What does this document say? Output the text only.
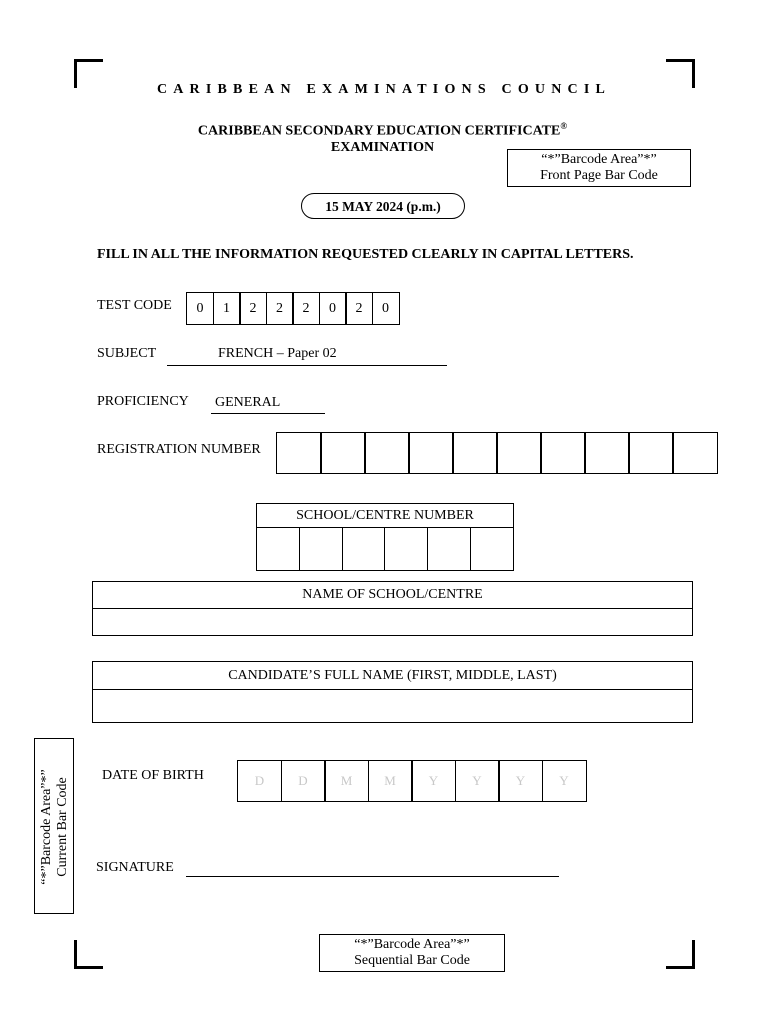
CARIBBEAN EXAMINATIONS COUNCIL
CARIBBEAN SECONDARY EDUCATION CERTIFICATE®
EXAMINATION
“*”Barcode Area”*”
Front Page Bar Code
15 MAY 2024 (p.m.)
FILL IN ALL THE INFORMATION REQUESTED CLEARLY IN CAPITAL LETTERS.
TEST CODE	0	1	2	2	2	0	2	0
SUBJECT	FRENCH – Paper 02
PROFICIENCY GENERAL
REGISTRATION NUMBER
SCHOOL/CENTRE NUMBER
NAME OF SCHOOL/CENTRE
CANDIDATE’S FULL NAME (FIRST, MIDDLE, LAST)
DATE OF BIRTH	D	D	M	M	Y	Y	Y	Y
SIGNATURE
“*”Barcode Area”*” Current Bar Code
“*”Barcode Area”*”
Sequential Bar Code
